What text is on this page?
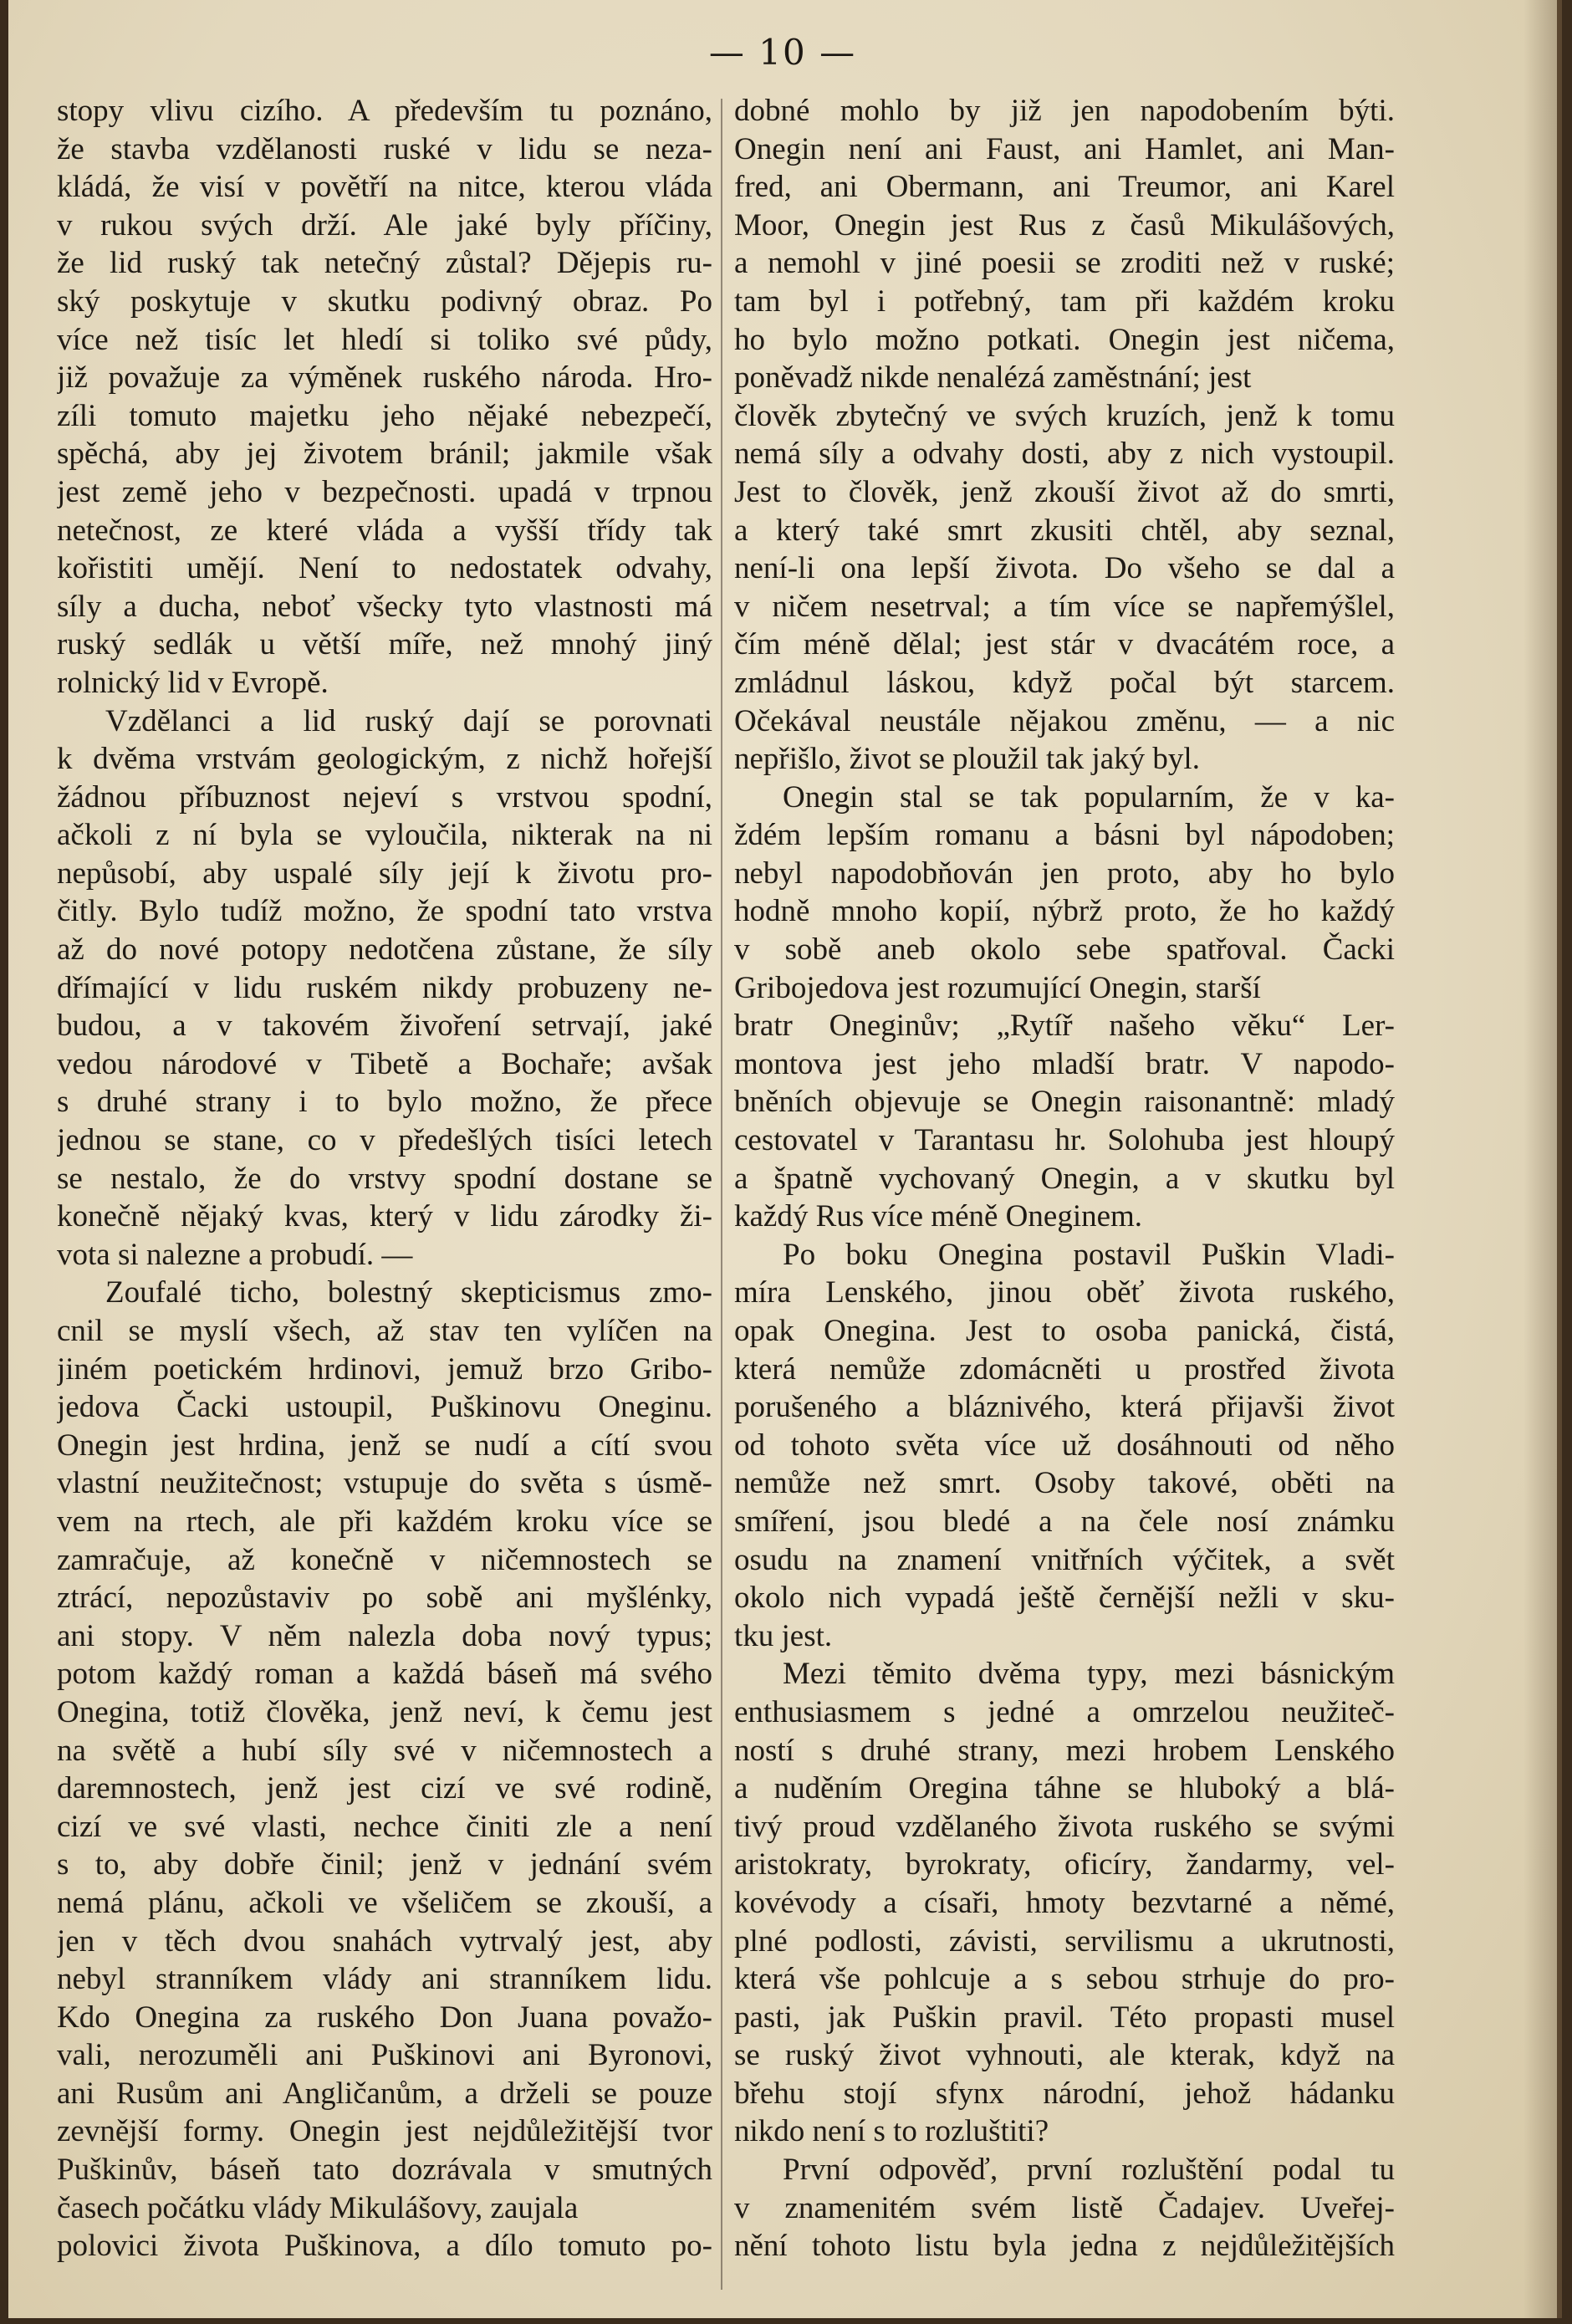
— 10 —
stopy vlivu cizího. A především tu poznáno,
že stavba vzdělanosti ruské v lidu se neza-
kládá, že visí v povětří na nitce, kterou vláda
v rukou svých drží. Ale jaké byly příčiny,
že lid ruský tak netečný zůstal? Dějepis ru-
ský poskytuje v skutku podivný obraz. Po
více než tisíc let hledí si toliko své půdy,
již považuje za výměnek ruského národa. Hro-
zíli tomuto majetku jeho nějaké nebezpečí,
spěchá, aby jej životem bránil; jakmile však
jest země jeho v bezpečnosti. upadá v trpnou
netečnost, ze které vláda a vyšší třídy tak
kořistiti umějí. Není to nedostatek odvahy,
síly a ducha, neboť všecky tyto vlastnosti má
ruský sedlák u větší míře, než mnohý jiný
rolnický lid v Evropě.
Vzdělanci a lid ruský dají se porovnati
k dvěma vrstvám geologickým, z nichž hořejší
žádnou příbuznost nejeví s vrstvou spodní,
ačkoli z ní byla se vyloučila, nikterak na ni
nepůsobí, aby uspalé síly její k životu pro-
čitly. Bylo tudíž možno, že spodní tato vrstva
až do nové potopy nedotčena zůstane, že síly
dřímající v lidu ruském nikdy probuzeny ne-
budou, a v takovém živoření setrvají, jaké
vedou národové v Tibetě a Bochaře; avšak
s druhé strany i to bylo možno, že přece
jednou se stane, co v předešlých tisíci letech
se nestalo, že do vrstvy spodní dostane se
konečně nějaký kvas, který v lidu zárodky ži-
vota si nalezne a probudí. —
Zoufalé ticho, bolestný skepticismus zmo-
cnil se myslí všech, až stav ten vylíčen na
jiném poetickém hrdinovi, jemuž brzo Gribo-
jedova Čacki ustoupil, Puškinovu Oneginu.
Onegin jest hrdina, jenž se nudí a cítí svou
vlastní neužitečnost; vstupuje do světa s úsmě-
vem na rtech, ale při každém kroku více se
zamračuje, až konečně v ničemnostech se
ztrácí, nepozůstaviv po sobě ani myšlénky,
ani stopy. V něm nalezla doba nový typus;
potom každý roman a každá báseň má svého
Onegina, totiž člověka, jenž neví, k čemu jest
na světě a hubí síly své v ničemnostech a
daremnostech, jenž jest cizí ve své rodině,
cizí ve své vlasti, nechce činiti zle a není
s to, aby dobře činil; jenž v jednání svém
nemá plánu, ačkoli ve všeličem se zkouší, a
jen v těch dvou snahách vytrvalý jest, aby
nebyl stranníkem vlády ani stranníkem lidu.
Kdo Onegina za ruského Don Juana považo-
vali, nerozuměli ani Puškinovi ani Byronovi,
ani Rusům ani Angličanům, a drželi se pouze
zevnější formy. Onegin jest nejdůležitější tvor
Puškinův, báseň tato dozrávala v smutných
časech počátku vlády Mikulášovy, zaujala
polovici života Puškinova, a dílo tomuto po-
dobné mohlo by již jen napodobením býti.
Onegin není ani Faust, ani Hamlet, ani Man-
fred, ani Obermann, ani Treumor, ani Karel
Moor, Onegin jest Rus z časů Mikulášových,
a nemohl v jiné poesii se zroditi než v ruské;
tam byl i potřebný, tam při každém kroku
ho bylo možno potkati. Onegin jest ničema,
poněvadž nikde nenalézá zaměstnání; jest
člověk zbytečný ve svých kruzích, jenž k tomu
nemá síly a odvahy dosti, aby z nich vystoupil.
Jest to člověk, jenž zkouší život až do smrti,
a který také smrt zkusiti chtěl, aby seznal,
není-li ona lepší života. Do všeho se dal a
v ničem nesetrval; a tím více se napřemýšlel,
čím méně dělal; jest stár v dvacátém roce, a
zmládnul láskou, když počal být starcem.
Očekával neustále nějakou změnu, — a nic
nepřišlo, život se ploužil tak jaký byl.
Onegin stal se tak popularním, že v ka-
ždém lepším romanu a básni byl nápodoben;
nebyl napodobňován jen proto, aby ho bylo
hodně mnoho kopií, nýbrž proto, že ho každý
v sobě aneb okolo sebe spatřoval. Čacki
Gribojedova jest rozumující Onegin, starší
bratr Oneginův; „Rytíř našeho věku“ Ler-
montova jest jeho mladší bratr. V napodo-
bněních objevuje se Onegin raisonantně: mladý
cestovatel v Tarantasu hr. Solohuba jest hloupý
a špatně vychovaný Onegin, a v skutku byl
každý Rus více méně Oneginem.
Po boku Onegina postavil Puškin Vladi-
míra Lenského, jinou oběť života ruského,
opak Onegina. Jest to osoba panická, čistá,
která nemůže zdomácněti u prostřed života
porušeného a bláznivého, která přijavši život
od tohoto světa více už dosáhnouti od něho
nemůže než smrt. Osoby takové, oběti na
smíření, jsou bledé a na čele nosí známku
osudu na znamení vnitřních výčitek, a svět
okolo nich vypadá ještě černější nežli v sku-
tku jest.
Mezi těmito dvěma typy, mezi básnickým
enthusiasmem s jedné a omrzelou neužiteč-
ností s druhé strany, mezi hrobem Lenského
a nuděním Oregina táhne se hluboký a blá-
tivý proud vzdělaného života ruského se svými
aristokraty, byrokraty, oficíry, žandarmy, vel-
kovévody a císaři, hmoty bezvtarné a němé,
plné podlosti, závisti, servilismu a ukrutnosti,
která vše pohlcuje a s sebou strhuje do pro-
pasti, jak Puškin pravil. Této propasti musel
se ruský život vyhnouti, ale kterak, když na
břehu stojí sfynx národní, jehož hádanku
nikdo není s to rozluštiti?
První odpověď, první rozluštění podal tu
v znamenitém svém listě Čadajev. Uveřej-
nění tohoto listu byla jedna z nejdůležitějších
